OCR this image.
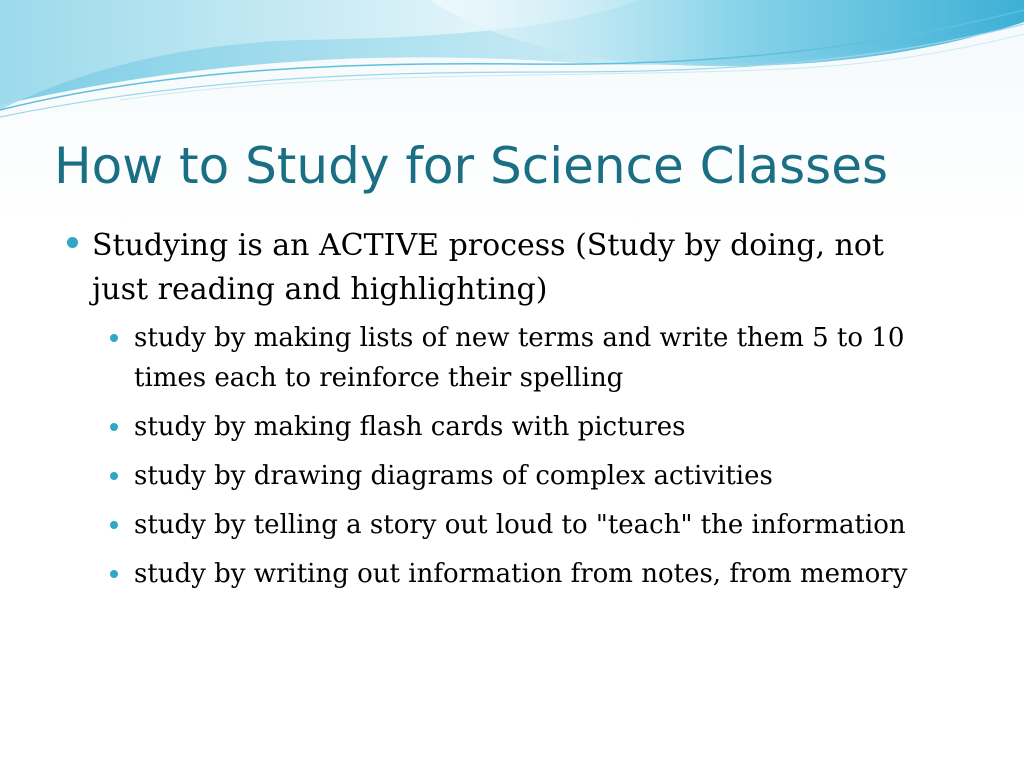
How to Study for Science Classes
Studying is an ACTIVE process (Study by doing, not just reading and highlighting)
study by making lists of new terms and write them 5 to 10 times each to reinforce their spelling
study by making flash cards with pictures
study by drawing diagrams of complex activities
study by telling a story out loud to "teach" the information
study by writing out information from notes, from memory
